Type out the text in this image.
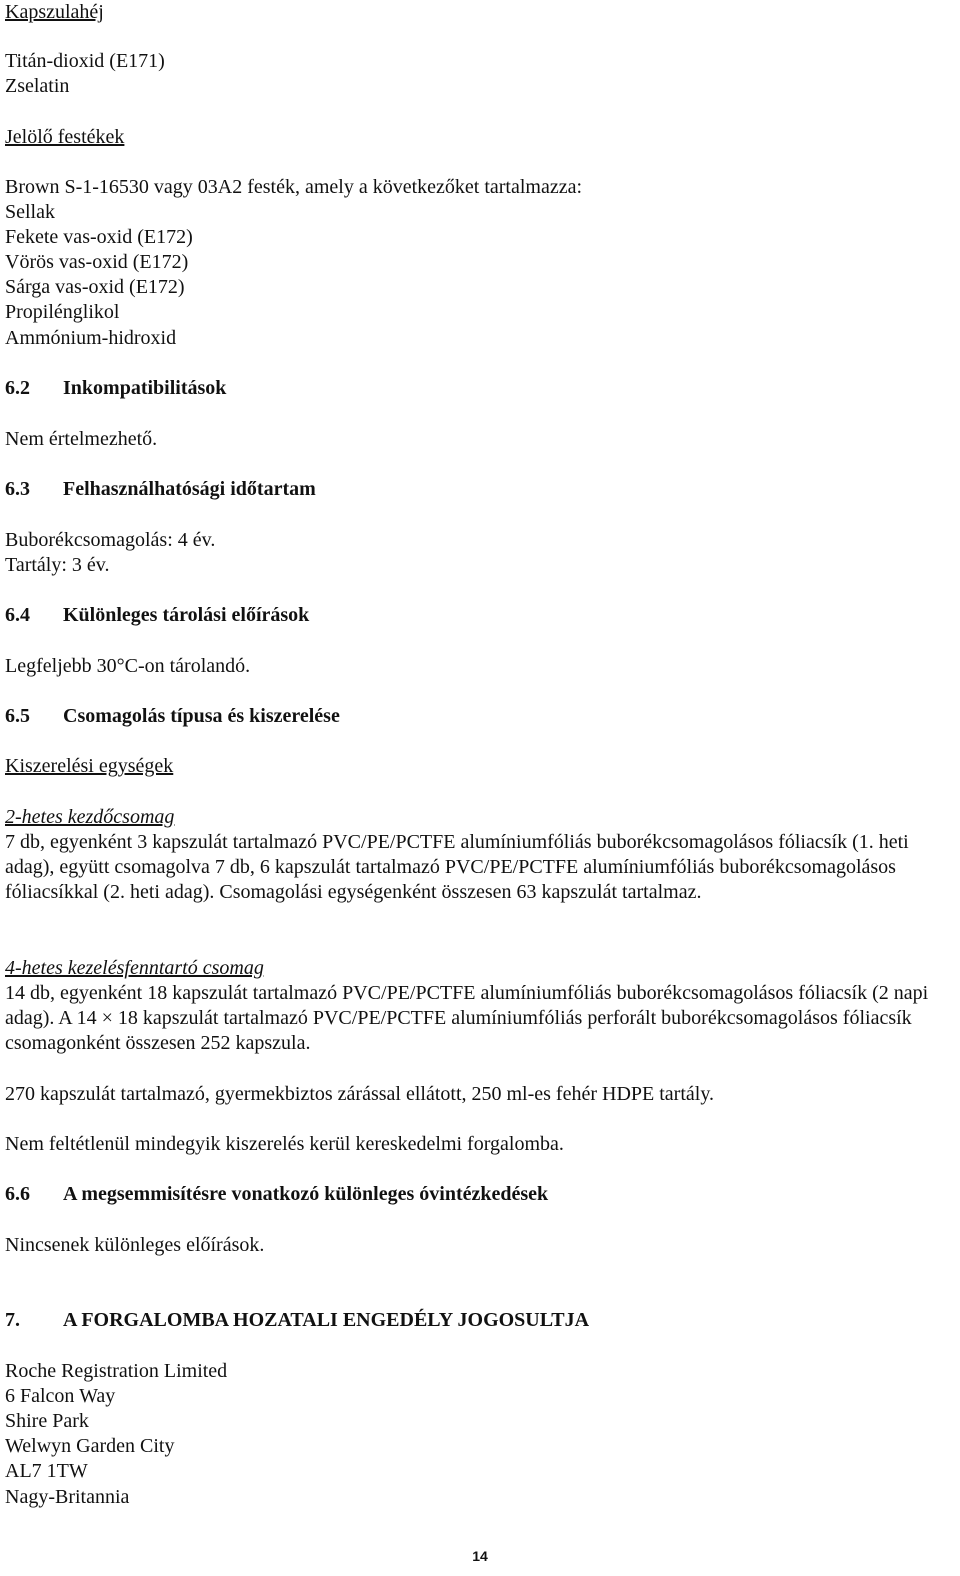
Kapszulahéj
Titán-dioxid (E171)
Zselatin
Jelölő festékek
Brown S-1-16530 vagy 03A2 festék, amely a következőket tartalmazza:
Sellak
Fekete vas-oxid (E172)
Vörös vas-oxid (E172)
Sárga vas-oxid (E172)
Propilénglikol
Ammónium-hidroxid
6.2 Inkompatibilitások
Nem értelmezhető.
6.3 Felhasználhatósági időtartam
Buborékcsomagolás: 4 év.
Tartály: 3 év.
6.4 Különleges tárolási előírások
Legfeljebb 30°C-on tárolandó.
6.5 Csomagolás típusa és kiszerelése
Kiszerelési egységek
2-hetes kezdőcsomag
7 db, egyenként 3 kapszulát tartalmazó PVC/PE/PCTFE alumíniumfóliás buborékcsomagolásos fóliacsík (1. heti adag), együtt csomagolva 7 db, 6 kapszulát tartalmazó PVC/PE/PCTFE alumíniumfóliás buborékcsomagolásos fóliacsíkkal (2. heti adag). Csomagolási egységenként összesen 63 kapszulát tartalmaz.
4-hetes kezelésfenntartó csomag
14 db, egyenként 18 kapszulát tartalmazó PVC/PE/PCTFE alumíniumfóliás buborékcsomagolásos fóliacsík (2 napi adag). A 14 × 18 kapszulát tartalmazó PVC/PE/PCTFE alumíniumfóliás perforált buborékcsomagolásos fóliacsík csomagonként összesen 252 kapszula.
270 kapszulát tartalmazó, gyermekbiztos zárással ellátott, 250 ml-es fehér HDPE tartály.
Nem feltétlenül mindegyik kiszerelés kerül kereskedelmi forgalomba.
6.6 A megsemmisítésre vonatkozó különleges óvintézkedések
Nincsenek különleges előírások.
7. A FORGALOMBA HOZATALI ENGEDÉLY JOGOSULTJA
Roche Registration Limited
6 Falcon Way
Shire Park
Welwyn Garden City
AL7 1TW
Nagy-Britannia
14
